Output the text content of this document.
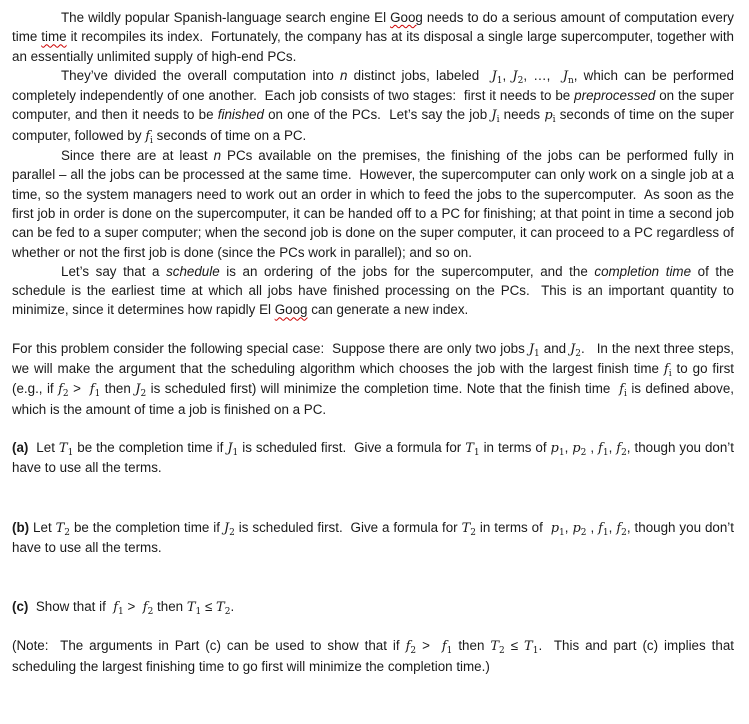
The wildly popular Spanish-language search engine El Goog needs to do a serious amount of computation every time time it recompiles its index.  Fortunately, the company has at its disposal a single large supercomputer, together with an essentially unlimited supply of high-end PCs.

They’ve divided the overall computation into n distinct jobs, labeled  $J_1$, $J_2$, …,  $J_n$, which can be performed completely independently of one another.  Each job consists of two stages:  first it needs to be preprocessed on the super computer, and then it needs to be finished on one of the PCs.  Let’s say the job $J_i$ needs $p_i$ seconds of time on the super computer, followed by $f_i$ seconds of time on a PC.

Since there are at least n PCs available on the premises, the finishing of the jobs can be performed fully in parallel – all the jobs can be processed at the same time.  However, the supercomputer can only work on a single job at a time, so the system managers need to work out an order in which to feed the jobs to the supercomputer.  As soon as the first job in order is done on the supercomputer, it can be handed off to a PC for finishing; at that point in time a second job can be fed to a super computer; when the second job is done on the super computer, it can proceed to a PC regardless of whether or not the first job is done (since the PCs work in parallel); and so on.

Let’s say that a schedule is an ordering of the jobs for the supercomputer, and the completion time of the schedule is the earliest time at which all jobs have finished processing on the PCs.  This is an important quantity to minimize, since it determines how rapidly El Goog can generate a new index.

For this problem consider the following special case:  Suppose there are only two jobs $J_1$ and $J_2$.   In the next three steps, we will make the argument that the scheduling algorithm which chooses the job with the largest finish time $f_i$ to go first (e.g., if $f_2 > f_1$ then $J_2$ is scheduled first) will minimize the completion time. Note that the finish time  $f_i$ is defined above, which is the amount of time a job is finished on a PC.

(a)  Let $T_1$ be the completion time if $J_1$ is scheduled first.  Give a formula for $T_1$ in terms of $p_1$, $p_2$ , $f_1$, $f_2$, though you don’t have to use all the terms.

(b) Let $T_2$ be the completion time if $J_2$ is scheduled first.  Give a formula for $T_2$ in terms of  $p_1$, $p_2$ , $f_1$, $f_2$, though you don’t have to use all the terms.

(c)  Show that if  $f_1 > f_2$ then $T_1 \le T_2$.

(Note:  The arguments in Part (c) can be used to show that if $f_2 > f_1$ then $T_2 \le T_1$.  This and part (c) implies that scheduling the largest finishing time to go first will minimize the completion time.)
